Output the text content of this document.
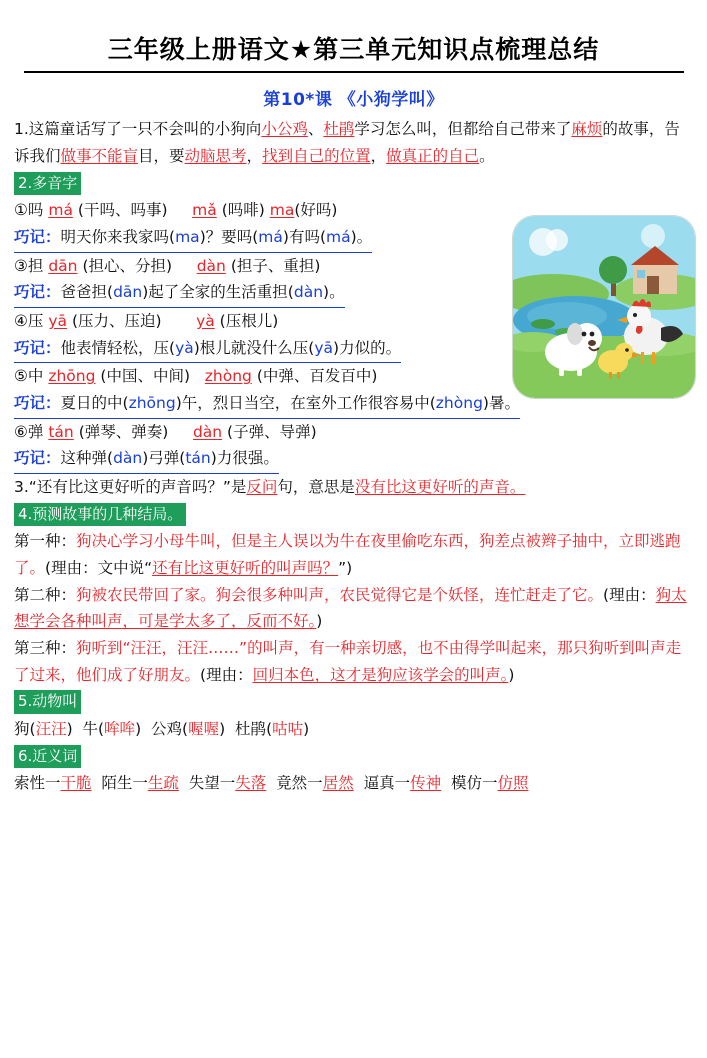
三年级上册语文★第三单元知识点梳理总结
第10*课 《小狗学叫》

1.这篇童话写了一只不会叫的小狗向小公鸡、杜鹃学习怎么叫，但都给自己带来了麻烦的故事，告诉我们做事不能盲目，要动脑思考，找到自己的位置，做真正的自己。

2.多音字

①吗 má (干吗、吗事) mǎ (吗啡) ma(好吗)

巧记：明天你来我家吗(ma)？要吗(má)有吗(má)。

③担 dān (担心、分担) dàn (担子、重担)

巧记：爸爸担(dān)起了全家的生活重担(dàn)。

④压 yā (压力、压迫) yà (压根儿)

巧记：他表情轻松，压(yà)根儿就没什么压(yā)力似的。

⑤中 zhōng (中国、中间) zhòng (中弹、百发百中)

巧记：夏日的中(zhōng)午，烈日当空，在室外工作很容易中(zhòng)暑。

⑥弹 tán (弹琴、弹奏) dàn (子弹、导弹)

巧记：这种弹(dàn)弓弹(tán)力很强。

3.“还有比这更好听的声音吗？”是反问句，意思是没有比这更好听的声音。

4.预测故事的几种结局。

第一种：狗决心学习小母牛叫，但是主人误以为牛在夜里偷吃东西，狗差点被辫子抽中，立即逃跑了。(理由：文中说“还有比这更好听的叫声吗？”)

第二种：狗被农民带回了家。狗会很多种叫声，农民觉得它是个妖怪，连忙赶走了它。(理由：狗太想学会各种叫声，可是学太多了，反而不好。)

第三种：狗听到“汪汪，汪汪……”的叫声，有一种亲切感，也不由得学叫起来，那只狗听到叫声走了过来，他们成了好朋友。(理由：回归本色，这才是狗应该学会的叫声。)

5.动物叫

狗(汪汪) 牛(哞哞) 公鸡(喔喔) 杜鹃(咕咕)

6.近义词

索性一干脆 陌生一生疏 失望一失落 竟然一居然 逼真一传神 模仿一仿照
